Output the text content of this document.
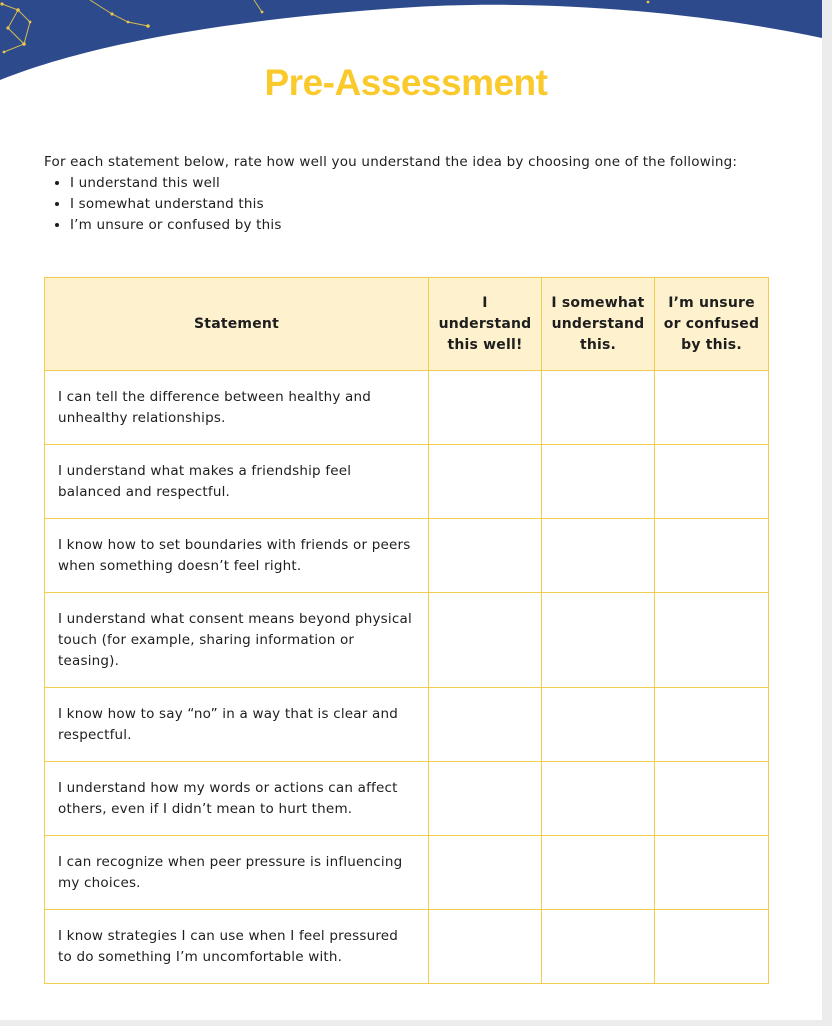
Pre-Assessment

For each statement below, rate how well you understand the idea by choosing one of the following:

• I understand this well
• I somewhat understand this
• I’m unsure or confused by this
Statement	I understand this well!	I somewhat understand this.	I’m unsure or confused by this.
I can tell the difference between healthy and unhealthy relationships.			
I understand what makes a friendship feel balanced and respectful.			
I know how to set boundaries with friends or peers when something doesn’t feel right.			
I understand what consent means beyond physical touch (for example, sharing information or teasing).			
I know how to say “no” in a way that is clear and respectful.			
I understand how my words or actions can affect others, even if I didn’t mean to hurt them.			
I can recognize when peer pressure is influencing my choices.			
I know strategies I can use when I feel pressured to do something I’m uncomfortable with.			
